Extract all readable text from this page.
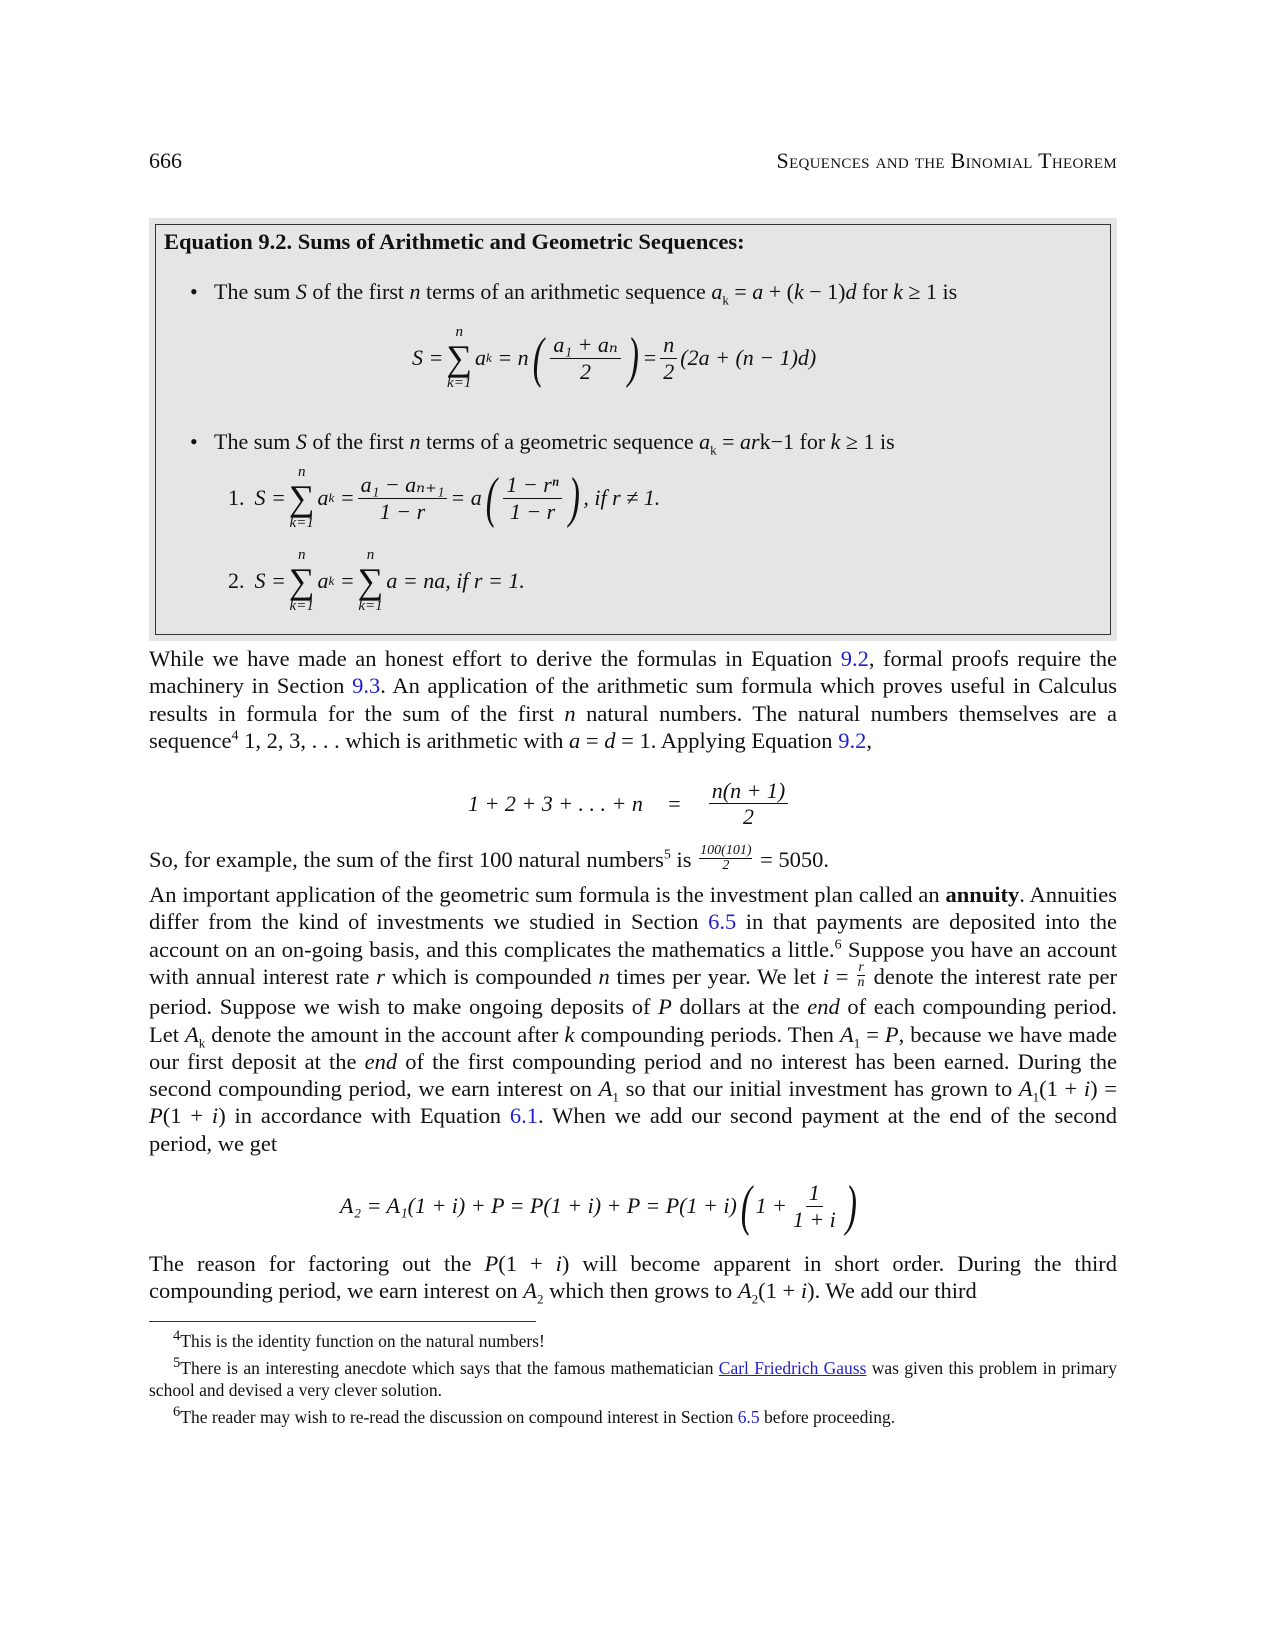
666	Sequences and the Binomial Theorem
Equation 9.2. Sums of Arithmetic and Geometric Sequences:
• The sum S of the first n terms of an arithmetic sequence $a_k = a + (k - 1)d$ for k ≥ 1 is
S =
n
∑
k=1
a k
= n ( $\frac{\text{a₁ + aₙ}}{2}$ ) = $\frac{n}{2} (2a + (n - 1)d)$
• The sum S of the first n terms of a geometric sequence $a_k = ark-1$ for k ≥ 1 is
1. S =
n
∑
k=1
a k
= $\frac{\text{a₁ − aₙ₊₁}}{1 - r} = a$ ( $\frac{\text{1 − rⁿ}}{1 - r}$ ) , if r ≠ 1.
2. S =
n
∑
k=1
a k
=
n
∑
k=1
a = na, if r = 1.
While we have made an honest effort to derive the formulas in Equation 9.2, formal proofs require the machinery in Section 9.3. An application of the arithmetic sum formula which proves useful in Calculus results in formula for the sum of the first n natural numbers. The natural numbers themselves are a sequence$^4$ 1, 2, 3, . . . which is arithmetic with a = d = 1. Applying Equation 9.2,
1 + 2 + 3 + . . . + $n = \frac{n(n + 1)}{2}$
So, for example, the sum of the first 100 natural numbers$^5$ is $\frac{100(101)}{2} = 5050$.
An important application of the geometric sum formula is the investment plan called an annuity. Annuities differ from the kind of investments we studied in Section 6.5 in that payments are deposited into the account on an on-going basis, and this complicates the mathematics a little.$^6$ Suppose you have an account with annual interest rate r which is compounded n times per year. We let $i = \frac{r}{n}$ denote the interest rate per period. Suppose we wish to make ongoing deposits of P dollars at the end of each compounding period. Let $A_k$ denote the amount in the account after k compounding periods. Then $A_1 = P$, because we have made our first deposit at the end of the first compounding period and no interest has been earned. During the second compounding period, we earn interest on $A_1$ so that our initial investment has grown to $A_1(1 + i) = P(1 + i)$ in accordance with Equation 6.1. When we add our second payment at the end of the second period, we get
A₂ = A₁(1 + i) + P = P(1 + i) + P = P(1 + i) ( $1 + \frac{1}{1 + i}$ )
The reason for factoring out the P(1 + i) will become apparent in short order. During the third compounding period, we earn interest on $A_2$ which then grows to $A_2(1 + i)$. We add our third
$^4$This is the identity function on the natural numbers!
$^5$There is an interesting anecdote which says that the famous mathematician Carl Friedrich Gauss was given this problem in primary school and devised a very clever solution.
$^6$The reader may wish to re-read the discussion on compound interest in Section 6.5 before proceeding.
